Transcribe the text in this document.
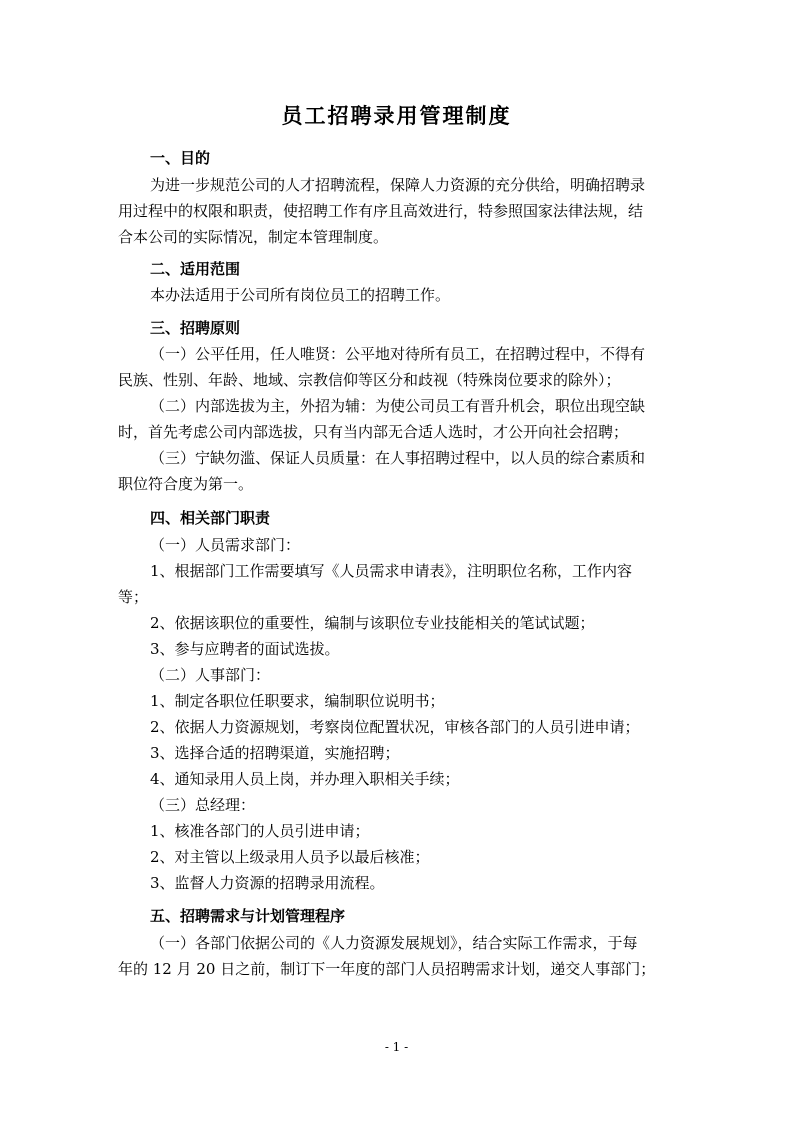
员工招聘录用管理制度
一、目的
为进一步规范公司的人才招聘流程，保障人力资源的充分供给，明确招聘录
用过程中的权限和职责，使招聘工作有序且高效进行，特参照国家法律法规，结
合本公司的实际情况，制定本管理制度。
二、适用范围
本办法适用于公司所有岗位员工的招聘工作。
三、招聘原则
（一）公平任用，任人唯贤：公平地对待所有员工，在招聘过程中，不得有
民族、性别、年龄、地域、宗教信仰等区分和歧视（特殊岗位要求的除外）；
（二）内部选拔为主，外招为辅：为使公司员工有晋升机会，职位出现空缺
时，首先考虑公司内部选拔，只有当内部无合适人选时，才公开向社会招聘；
（三）宁缺勿滥、保证人员质量：在人事招聘过程中，以人员的综合素质和
职位符合度为第一。
四、相关部门职责
（一）人员需求部门：
1、根据部门工作需要填写《人员需求申请表》，注明职位名称，工作内容
等；
2、依据该职位的重要性，编制与该职位专业技能相关的笔试试题；
3、参与应聘者的面试选拔。
（二）人事部门：
1、制定各职位任职要求，编制职位说明书；
2、依据人力资源规划，考察岗位配置状况，审核各部门的人员引进申请；
3、选择合适的招聘渠道，实施招聘；
4、通知录用人员上岗，并办理入职相关手续；
（三）总经理：
1、核准各部门的人员引进申请；
2、对主管以上级录用人员予以最后核准；
3、监督人力资源的招聘录用流程。
五、招聘需求与计划管理程序
（一）各部门依据公司的《人力资源发展规划》，结合实际工作需求，于每
年的 12 月 20 日之前，制订下一年度的部门人员招聘需求计划，递交人事部门；
- 1 -
